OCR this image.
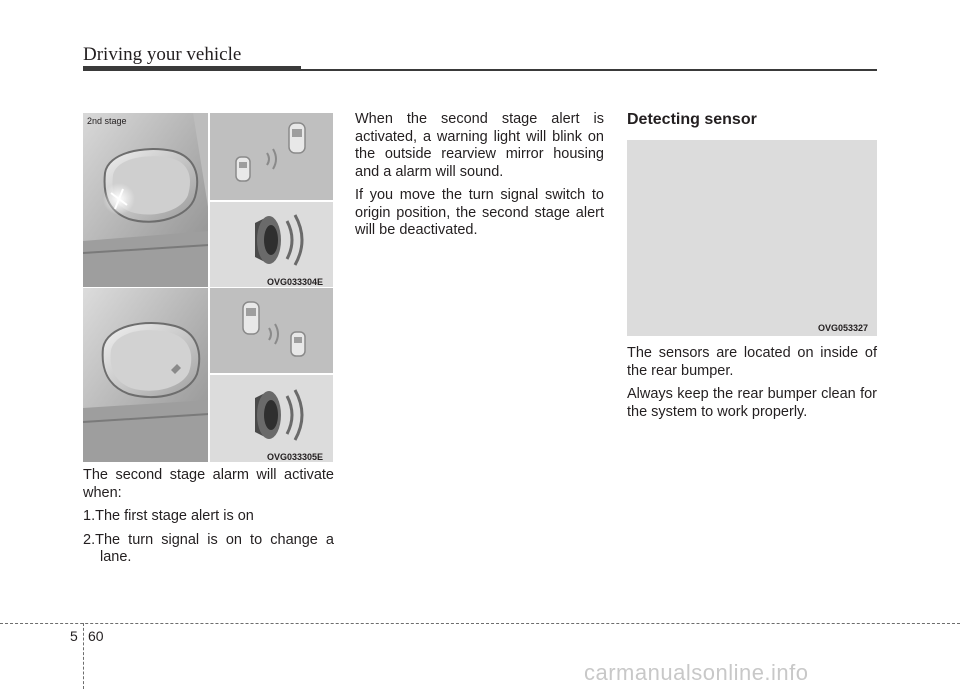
Driving your vehicle
2nd stage
OVG033304E
OVG033305E

The second stage alarm will activate when:

1.The first stage alert is on
2.The turn signal is on to change a lane.

When the second stage alert is activated, a warning light will blink on the outside rearview mirror housing and a alarm will sound.

If you move the turn signal switch to origin position, the second stage alert will be deactivated.

Detecting sensor
OVG053327

The sensors are located on inside of the rear bumper.

Always keep the rear bumper clean for the system to work properly.

5 60
carmanualsonline.info
